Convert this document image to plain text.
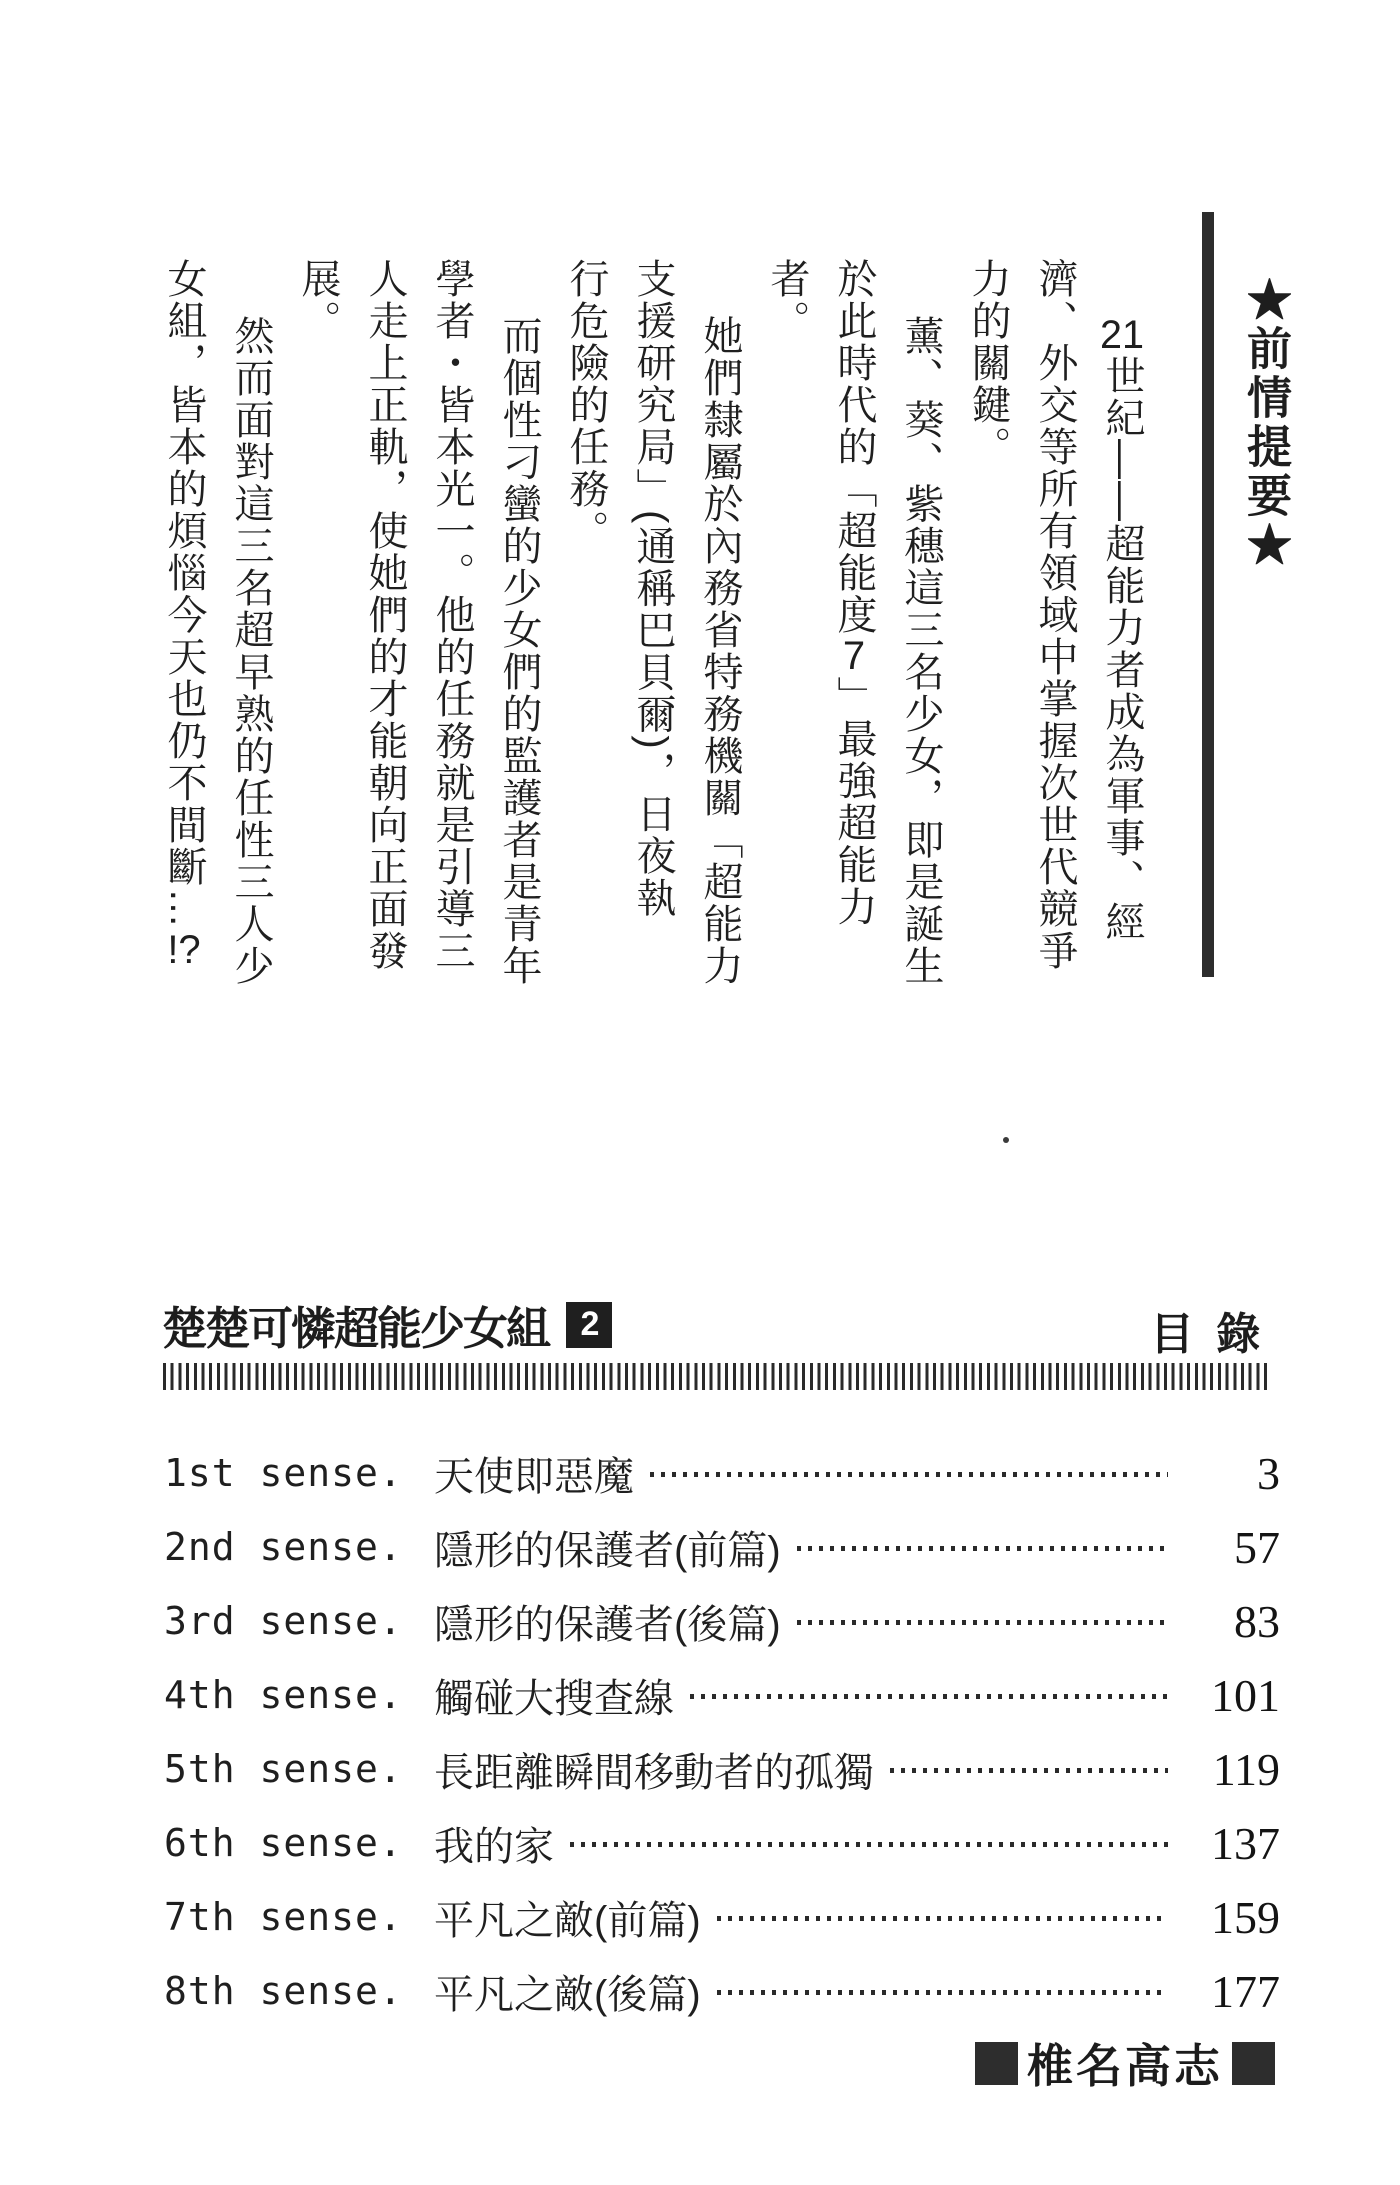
★前情提要★
21世紀——超能力者成為軍事、經
濟、外交等所有領域中掌握次世代競爭
力的關鍵。
薰、葵、紫穗這三名少女，即是誕生
於此時代的「超能度7」最強超能力
者。
她們隸屬於內務省特務機關「超能力
支援研究局」(通稱巴貝爾)，日夜執
行危險的任務。
而個性刁蠻的少女們的監護者是青年
學者・皆本光一。他的任務就是引導三
人走上正軌，使她們的才能朝向正面發
展。
然而面對這三名超早熟的任性三人少
女組，皆本的煩惱今天也仍不間斷…!?
楚楚可憐超能少女組 2	目 錄
1st sense. 天使即惡魔	3
2nd sense. 隱形的保護者(前篇)	57
3rd sense. 隱形的保護者(後篇)	83
4th sense. 觸碰大搜查線	101
5th sense. 長距離瞬間移動者的孤獨	119
6th sense. 我的家	137
7th sense. 平凡之敵(前篇)	159
8th sense. 平凡之敵(後篇)	177
椎名高志
